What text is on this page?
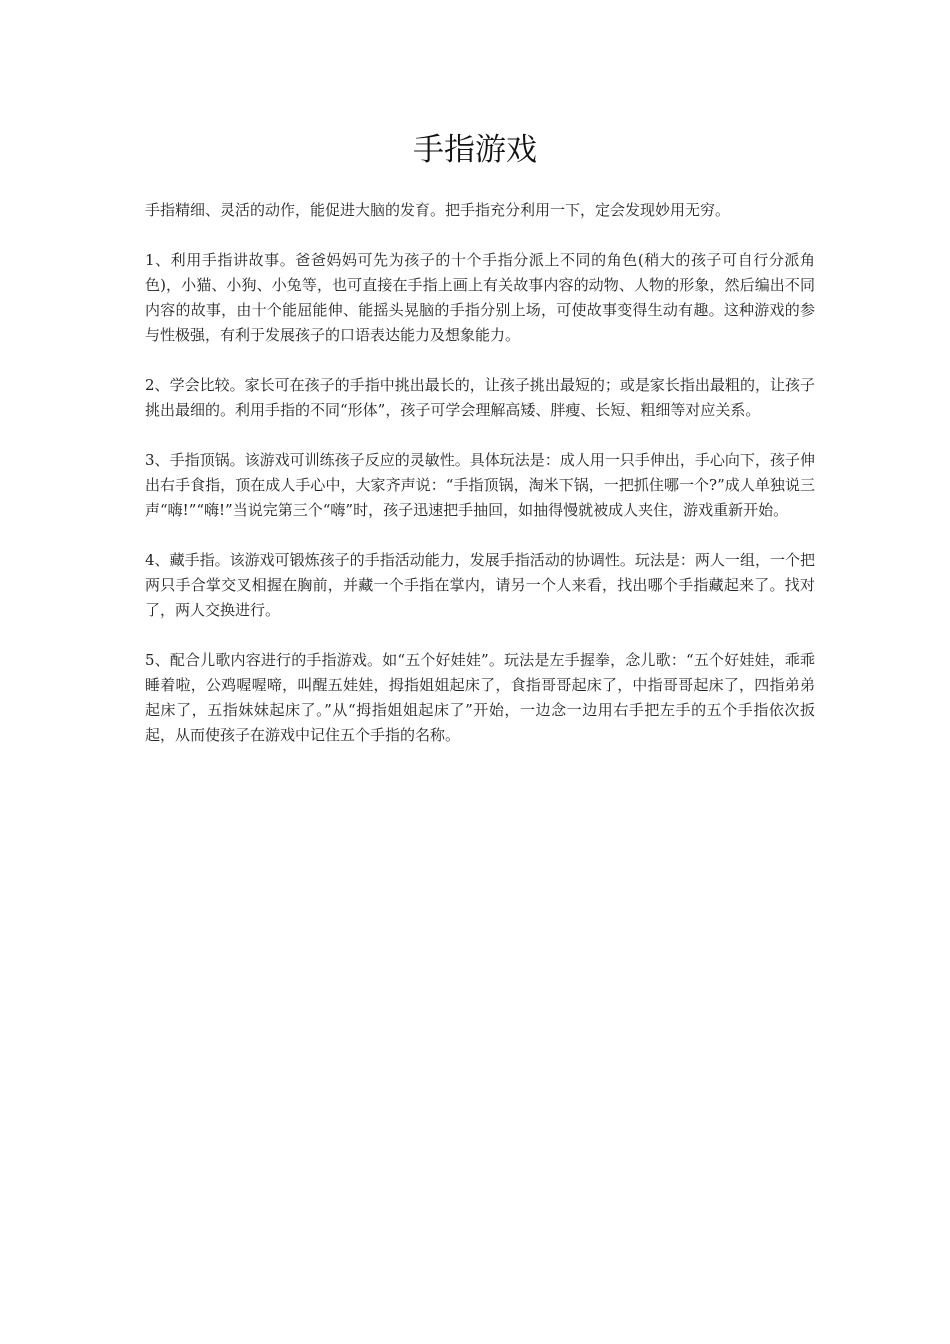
手指游戏

手指精细、灵活的动作，能促进大脑的发育。把手指充分利用一下，定会发现妙用无穷。

1、利用手指讲故事。爸爸妈妈可先为孩子的十个手指分派上不同的角色(稍大的孩子可自行分派角色)，小猫、小狗、小兔等，也可直接在手指上画上有关故事内容的动物、人物的形象，然后编出不同内容的故事，由十个能屈能伸、能摇头晃脑的手指分别上场，可使故事变得生动有趣。这种游戏的参与性极强，有利于发展孩子的口语表达能力及想象能力。

2、学会比较。家长可在孩子的手指中挑出最长的，让孩子挑出最短的；或是家长指出最粗的，让孩子挑出最细的。利用手指的不同“形体”，孩子可学会理解高矮、胖瘦、长短、粗细等对应关系。

3、手指顶锅。该游戏可训练孩子反应的灵敏性。具体玩法是：成人用一只手伸出，手心向下，孩子伸出右手食指，顶在成人手心中，大家齐声说：“手指顶锅，淘米下锅，一把抓住哪一个?”成人单独说三声“嗨!”“嗨!”当说完第三个“嗨”时，孩子迅速把手抽回，如抽得慢就被成人夹住，游戏重新开始。

4、藏手指。该游戏可锻炼孩子的手指活动能力，发展手指活动的协调性。玩法是：两人一组，一个把两只手合掌交叉相握在胸前，并藏一个手指在掌内，请另一个人来看，找出哪个手指藏起来了。找对了，两人交换进行。

5、配合儿歌内容进行的手指游戏。如“五个好娃娃”。玩法是左手握拳，念儿歌：“五个好娃娃，乖乖睡着啦，公鸡喔喔啼，叫醒五娃娃，拇指姐姐起床了，食指哥哥起床了，中指哥哥起床了，四指弟弟起床了，五指妹妹起床了。”从“拇指姐姐起床了”开始，一边念一边用右手把左手的五个手指依次扳起，从而使孩子在游戏中记住五个手指的名称。
